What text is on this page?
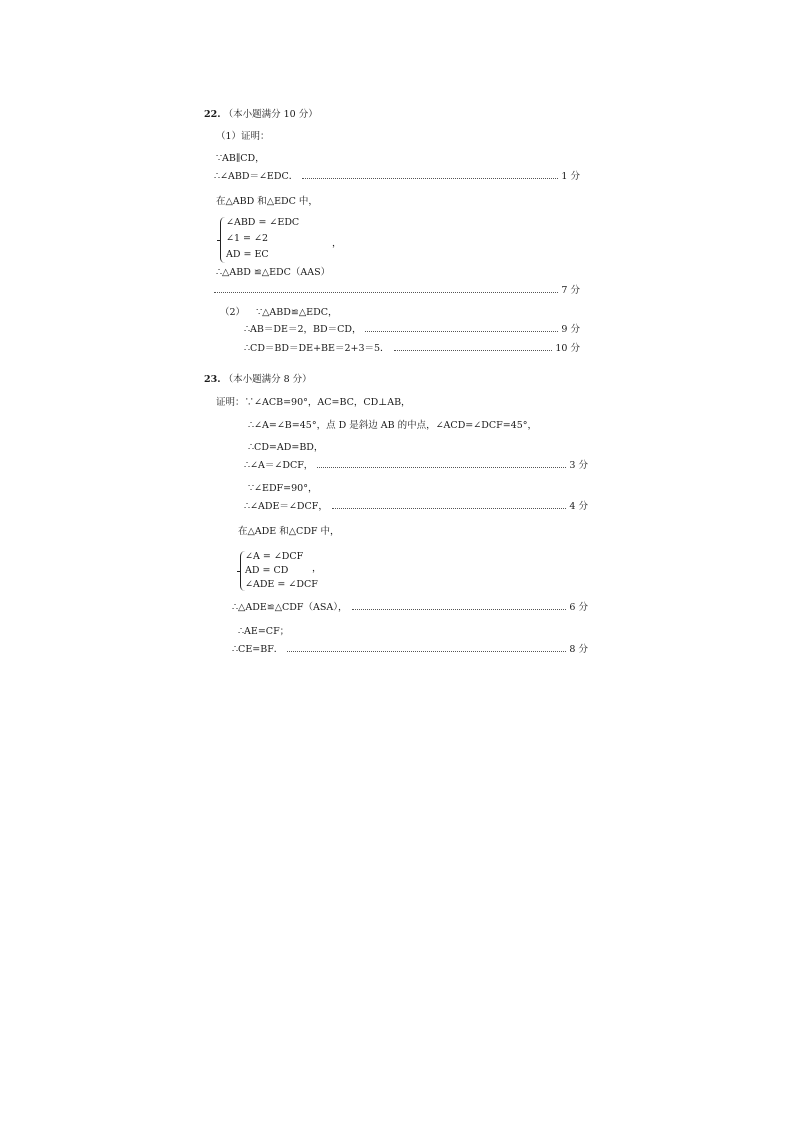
22. （本小题满分 10 分）
（1）证明：
∵AB∥CD，
∴∠ABD＝∠EDC．	1 分
在△ABD 和△EDC 中，
∠ABD = ∠EDC
∠1 = ∠2
AD = EC
，
∴△ABD ≌△EDC（AAS）
7 分
（2） ∵△ABD≌△EDC，
∴AB＝DE＝2，BD＝CD，	9 分
∴CD＝BD＝DE+BE＝2+3＝5．	10 分
23. （本小题满分 8 分）
证明：∵∠ACB=90°，AC=BC，CD⊥AB，
∴∠A=∠B=45°，点 D 是斜边 AB 的中点，∠ACD=∠DCF=45°，
∴CD=AD=BD，
∴∠A＝∠DCF，	3 分
∵∠EDF=90°，
∴∠ADE＝∠DCF，	4 分
在△ADE 和△CDF 中，
∠A = ∠DCF
AD = CD
∠ADE = ∠DCF
，
∴△ADE≌△CDF（ASA），	6 分
∴AE=CF；
∴CE=BF．	8 分
